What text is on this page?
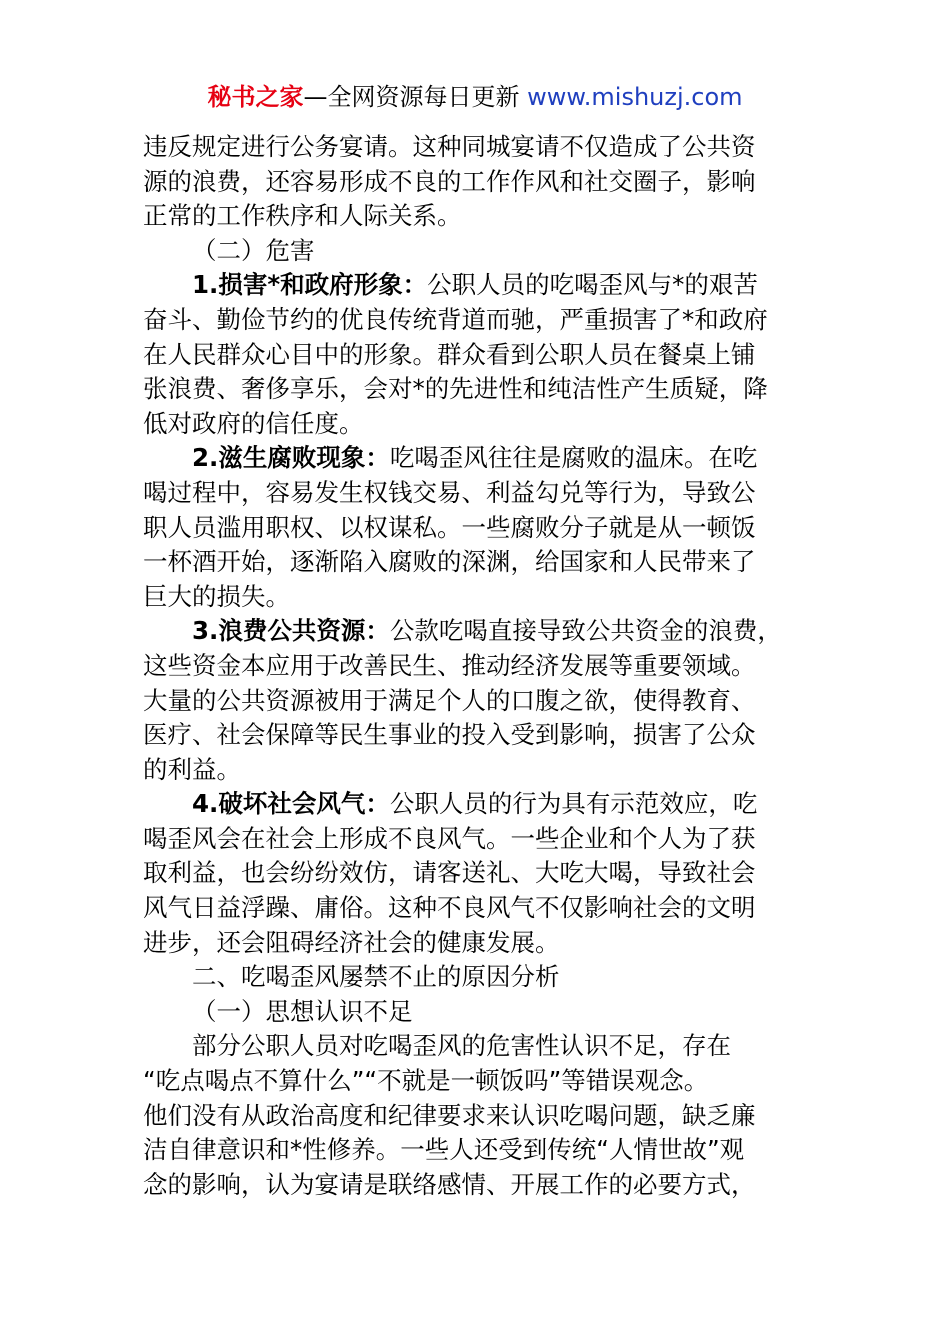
秘书之家—全网资源每日更新 www.mishuzj.com
违反规定进行公务宴请。这种同城宴请不仅造成了公共资
源的浪费，还容易形成不良的工作作风和社交圈子，影响
正常的工作秩序和人际关系。
（二）危害
1.损害*和政府形象：公职人员的吃喝歪风与*的艰苦
奋斗、勤俭节约的优良传统背道而驰，严重损害了*和政府
在人民群众心目中的形象。群众看到公职人员在餐桌上铺
张浪费、奢侈享乐，会对*的先进性和纯洁性产生质疑，降
低对政府的信任度。
2.滋生腐败现象：吃喝歪风往往是腐败的温床。在吃
喝过程中，容易发生权钱交易、利益勾兑等行为，导致公
职人员滥用职权、以权谋私。一些腐败分子就是从一顿饭
一杯酒开始，逐渐陷入腐败的深渊，给国家和人民带来了
巨大的损失。
3.浪费公共资源：公款吃喝直接导致公共资金的浪费，
这些资金本应用于改善民生、推动经济发展等重要领域。
大量的公共资源被用于满足个人的口腹之欲，使得教育、
医疗、社会保障等民生事业的投入受到影响，损害了公众
的利益。
4.破坏社会风气：公职人员的行为具有示范效应，吃
喝歪风会在社会上形成不良风气。一些企业和个人为了获
取利益，也会纷纷效仿，请客送礼、大吃大喝，导致社会
风气日益浮躁、庸俗。这种不良风气不仅影响社会的文明
进步，还会阻碍经济社会的健康发展。
二、吃喝歪风屡禁不止的原因分析
（一）思想认识不足
部分公职人员对吃喝歪风的危害性认识不足，存在
“吃点喝点不算什么”“不就是一顿饭吗”等错误观念。
他们没有从政治高度和纪律要求来认识吃喝问题，缺乏廉
洁自律意识和*性修养。一些人还受到传统“人情世故”观
念的影响，认为宴请是联络感情、开展工作的必要方式，
